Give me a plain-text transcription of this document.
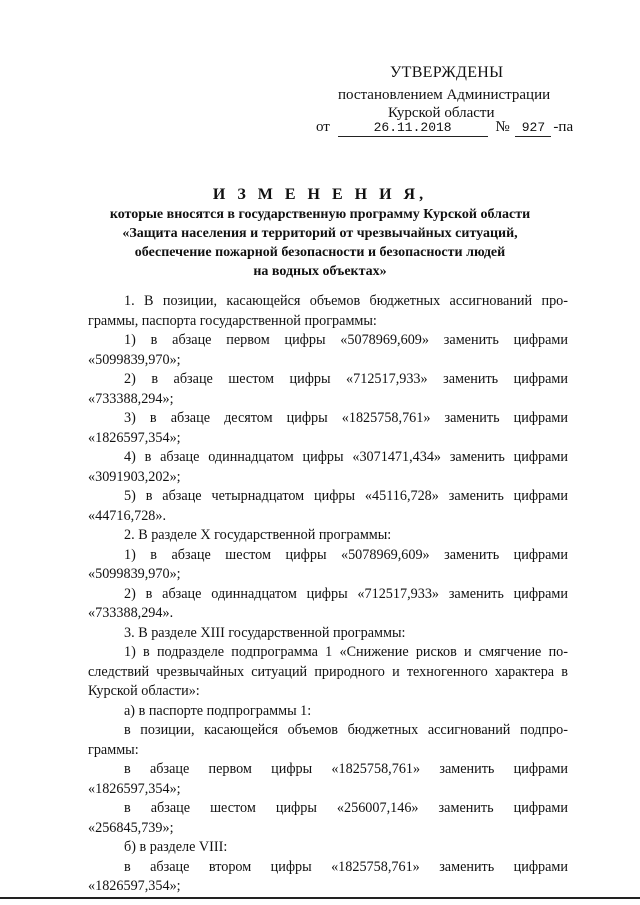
УТВЕРЖДЕНЫ
постановлением Администрации
Курской области
от	26.11.2018	№ 927 -па
И З М Е Н Е Н И Я,
которые вносятся в государственную программу Курской области
«Защита населения и территорий от чрезвычайных ситуаций,
обеспечение пожарной безопасности и безопасности людей
на водных объектах»
1. В позиции, касающейся объемов бюджетных ассигнований про-
граммы, паспорта государственной программы:
1) в абзаце первом цифры «5078969,609» заменить цифрами
«5099839,970»;
2) в абзаце шестом цифры «712517,933» заменить цифрами
«733388,294»;
3) в абзаце десятом цифры «1825758,761» заменить цифрами
«1826597,354»;
4) в абзаце одиннадцатом цифры «3071471,434» заменить цифрами
«3091903,202»;
5) в абзаце четырнадцатом цифры «45116,728» заменить цифрами
«44716,728».
2. В разделе X государственной программы:
1) в абзаце шестом цифры «5078969,609» заменить цифрами
«5099839,970»;
2) в абзаце одиннадцатом цифры «712517,933» заменить цифрами
«733388,294».
3. В разделе XIII государственной программы:
1) в подразделе подпрограмма 1 «Снижение рисков и смягчение по-
следствий чрезвычайных ситуаций природного и техногенного характера в
Курской области»:
а) в паспорте подпрограммы 1:
в позиции, касающейся объемов бюджетных ассигнований подпро-
граммы:
в абзаце первом цифры «1825758,761» заменить цифрами
«1826597,354»;
в абзаце шестом цифры «256007,146» заменить цифрами
«256845,739»;
б) в разделе VIII:
в абзаце втором цифры «1825758,761» заменить цифрами
«1826597,354»;
